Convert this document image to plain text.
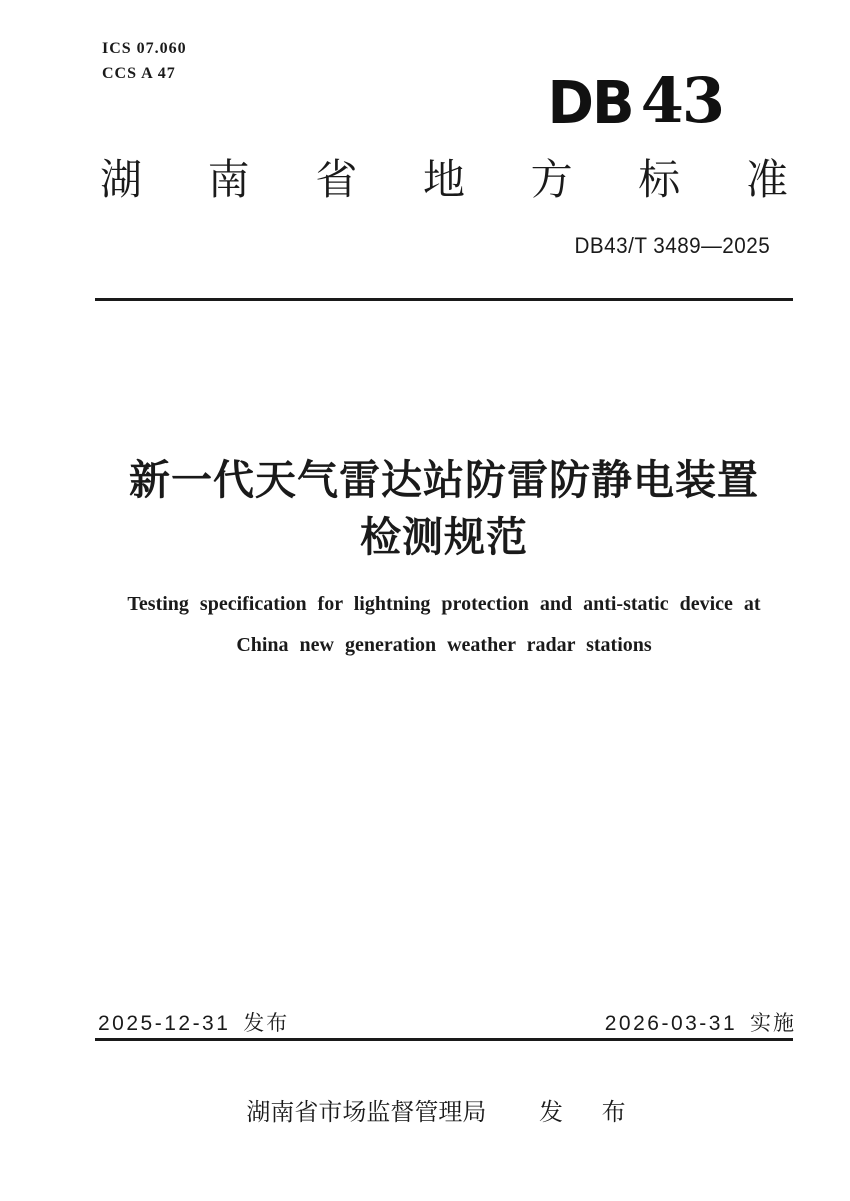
ICS 07.060
CCS A 47	DB 43
湖 南 省 地 方 标 准
DB43/T 3489—2025
新一代天气雷达站防雷防静电装置
检测规范
Testing specification for lightning protection and anti-static device at
China new generation weather radar stations
2025-12-31 发布	2026-03-31 实施
湖南省市场监督管理局 发 布
